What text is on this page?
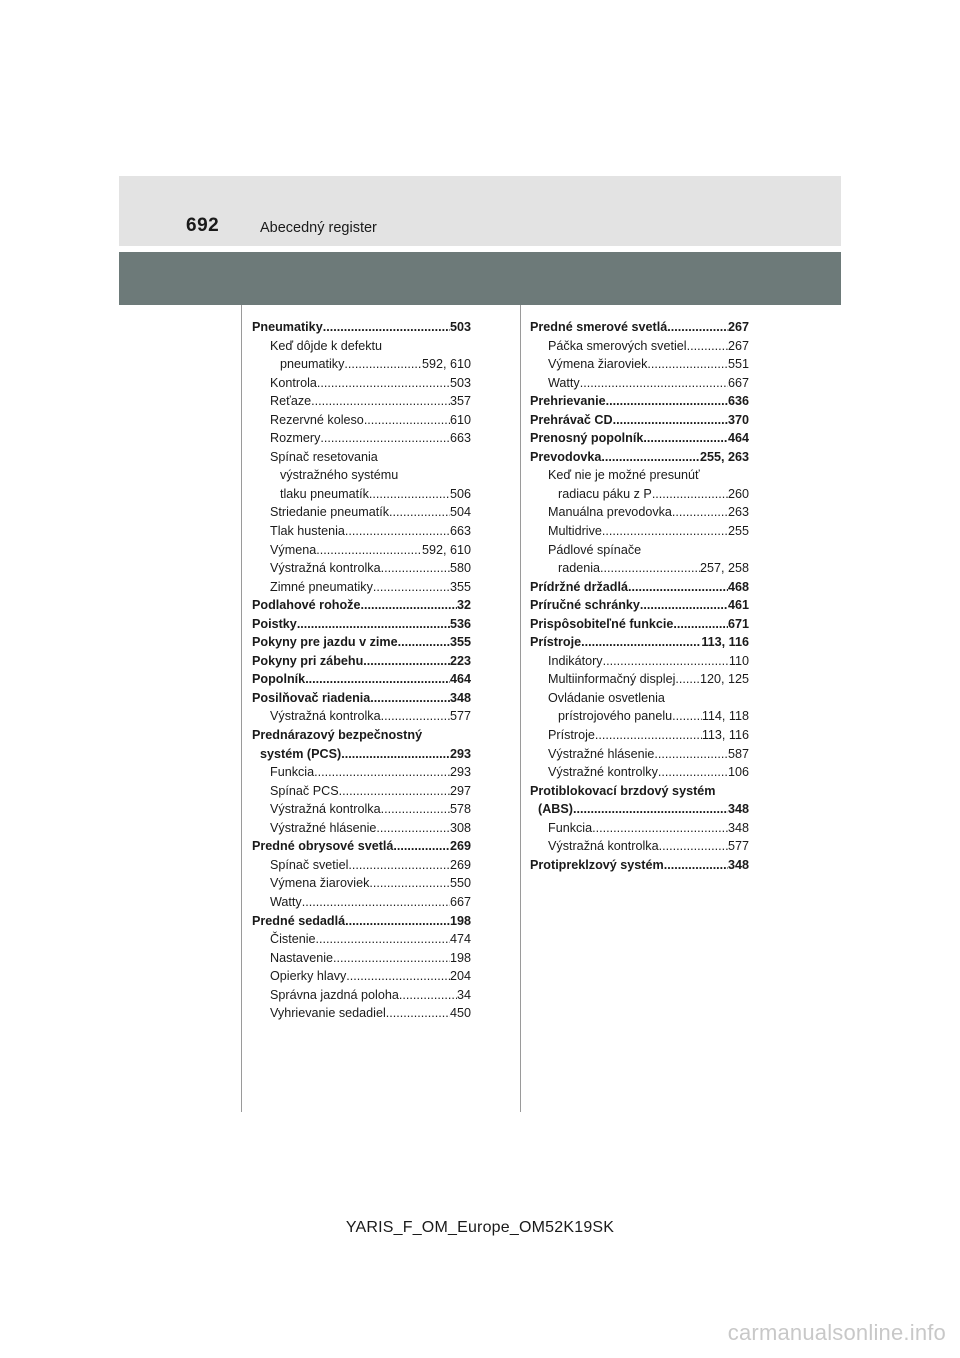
692	Abecedný register
Pneumatiky .....	503
Keď dôjde k defektu
pneumatiky .....	592, 610
Kontrola .....	503
Reťaze .....	357
Rezervné koleso .....	610
Rozmery .....	663
Spínač resetovania
výstražného systému
tlaku pneumatík .....	506
Striedanie pneumatík .....	504
Tlak hustenia .....	663
Výmena .....	592, 610
Výstražná kontrolka .....	580
Zimné pneumatiky .....	355
Podlahové rohože .....	32
Poistky .....	536
Pokyny pre jazdu v zime .....	355
Pokyny pri zábehu .....	223
Popolník .....	464
Posilňovač riadenia .....	348
Výstražná kontrolka .....	577
Prednárazový bezpečnostný
systém (PCS) .....	293
Funkcia .....	293
Spínač PCS .....	297
Výstražná kontrolka .....	578
Výstražné hlásenie .....	308
Predné obrysové svetlá .....	269
Spínač svetiel .....	269
Výmena žiaroviek .....	550
Watty .....	667
Predné sedadlá .....	198
Čistenie .....	474
Nastavenie .....	198
Opierky hlavy .....	204
Správna jazdná poloha .....	34
Vyhrievanie sedadiel .....	450
Predné smerové svetlá .....	267
Páčka smerových svetiel .....	267
Výmena žiaroviek .....	551
Watty .....	667
Prehrievanie .....	636
Prehrávač CD .....	370
Prenosný popolník .....	464
Prevodovka .....	255, 263
Keď nie je možné presunúť
radiacu páku z P .....	260
Manuálna prevodovka .....	263
Multidrive .....	255
Pádlové spínače
radenia .....	257, 258
Prídržné držadlá .....	468
Príručné schránky .....	461
Prispôsobiteľné funkcie .....	671
Prístroje .....	113, 116
Indikátory .....	110
Multiinformačný displej ..... 120, 125
Ovládanie osvetlenia
prístrojového panelu ..... 114, 118
Prístroje .....	113, 116
Výstražné hlásenie .....	587
Výstražné kontrolky .....	106
Protiblokovací brzdový systém
(ABS) .....	348
Funkcia .....	348
Výstražná kontrolka .....	577
Protipreklzový systém .....	348
YARIS_F_OM_Europe_OM52K19SK
carmanualsonline.info
